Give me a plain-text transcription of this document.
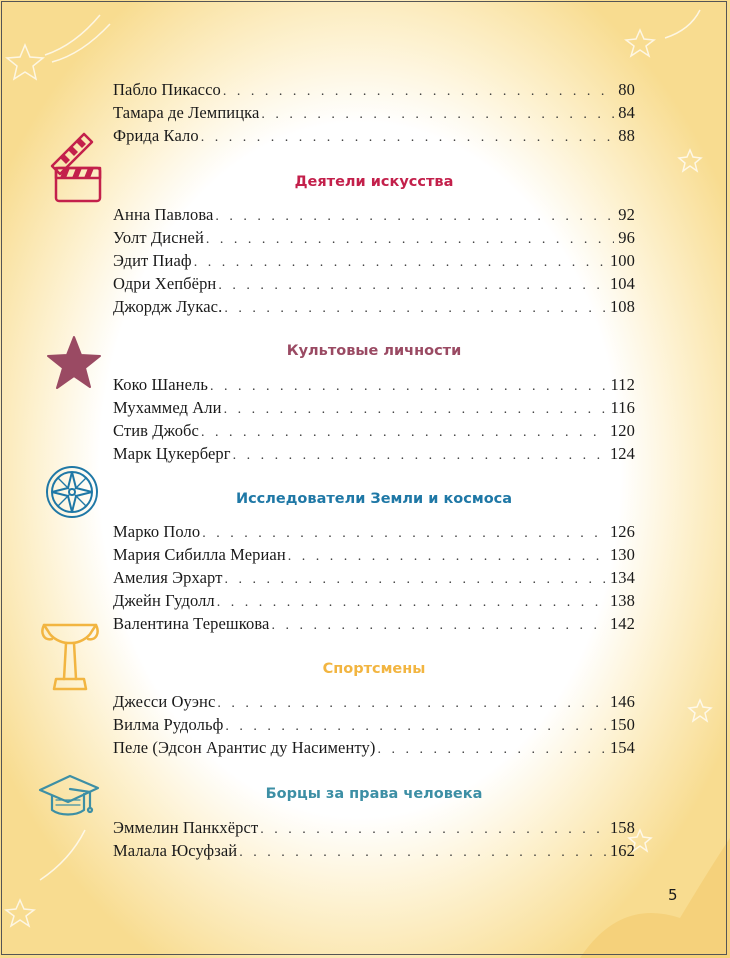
Пабло Пикассо . . .	80
Тамара де Лемпицка . . .	84
Фрида Кало . . .	88
Деятели искусства
Анна Павлова . . .	92
Уолт Дисней . . .	96
Эдит Пиаф . . .	100
Одри Хепбёрн . . .	104
Джордж Лукас. . . .	108
Культовые личности
Коко Шанель . . .	112
Мухаммед Али . . .	116
Стив Джобс . . .	120
Марк Цукерберг . . .	124
Исследователи Земли и космоса
Марко Поло . . .	126
Мария Сибилла Мериан . . .	130
Амелия Эрхарт . . .	134
Джейн Гудолл . . .	138
Валентина Терешкова . . .	142
Спортсмены
Джесси Оуэнс . . .	146
Вилма Рудольф . . .	150
Пеле (Эдсон Арантис ду Насименту) . . .	154
Борцы за права человека
Эммелин Панкхёрст . . .	158
Малала Юсуфзай . . .	162
5
